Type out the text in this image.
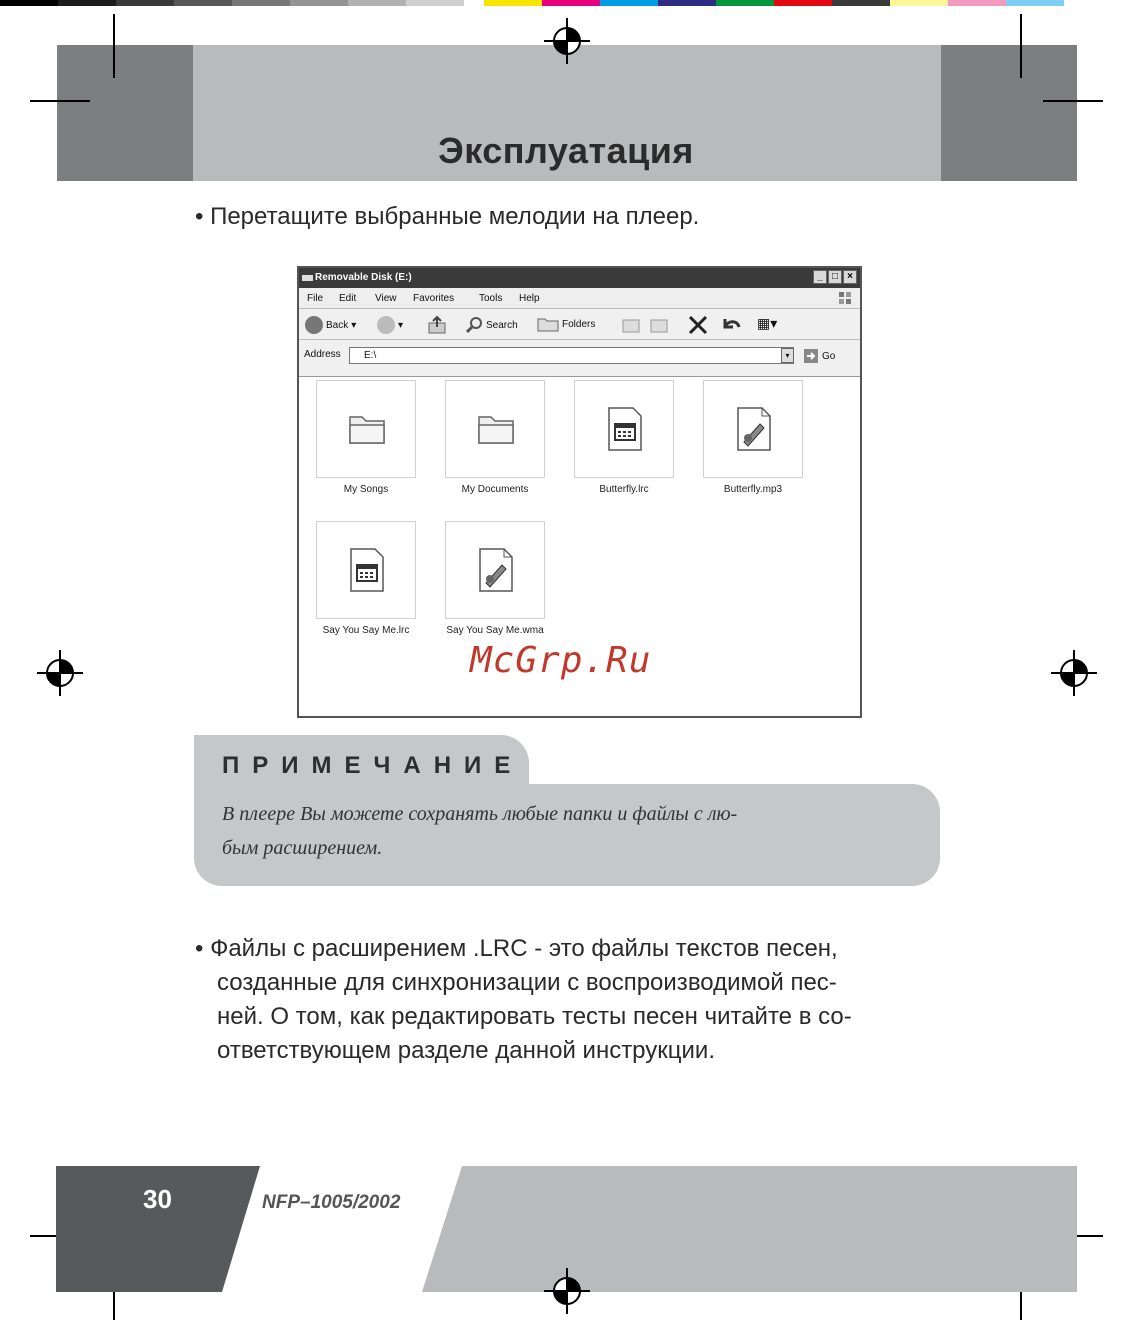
Эксплуатация
• Перетащите выбранные мелодии на плеер.
Removable Disk (E:)	_ □ ×
File Edit View Favorites Tools Help
Back ▾	▾	Search	Folders	▦▾
Address	E:\	▾	Go
My Songs	My Documents	Butterfly.lrc	Butterfly.mp3
Say You Say Me.lrc	Say You Say Me.wma
McGrp.Ru
ПРИМЕЧАНИЕ
В плеере Вы можете сохранять любые папки и файлы с лю-
бым расширением.
• Файлы с расширением .LRC - это файлы текстов песен,
созданные для синхронизации с воспроизводимой пес-
ней. О том, как редактировать тесты песен читайте в со-
ответствующем разделе данной инструкции.
30	NFP–1005/2002
